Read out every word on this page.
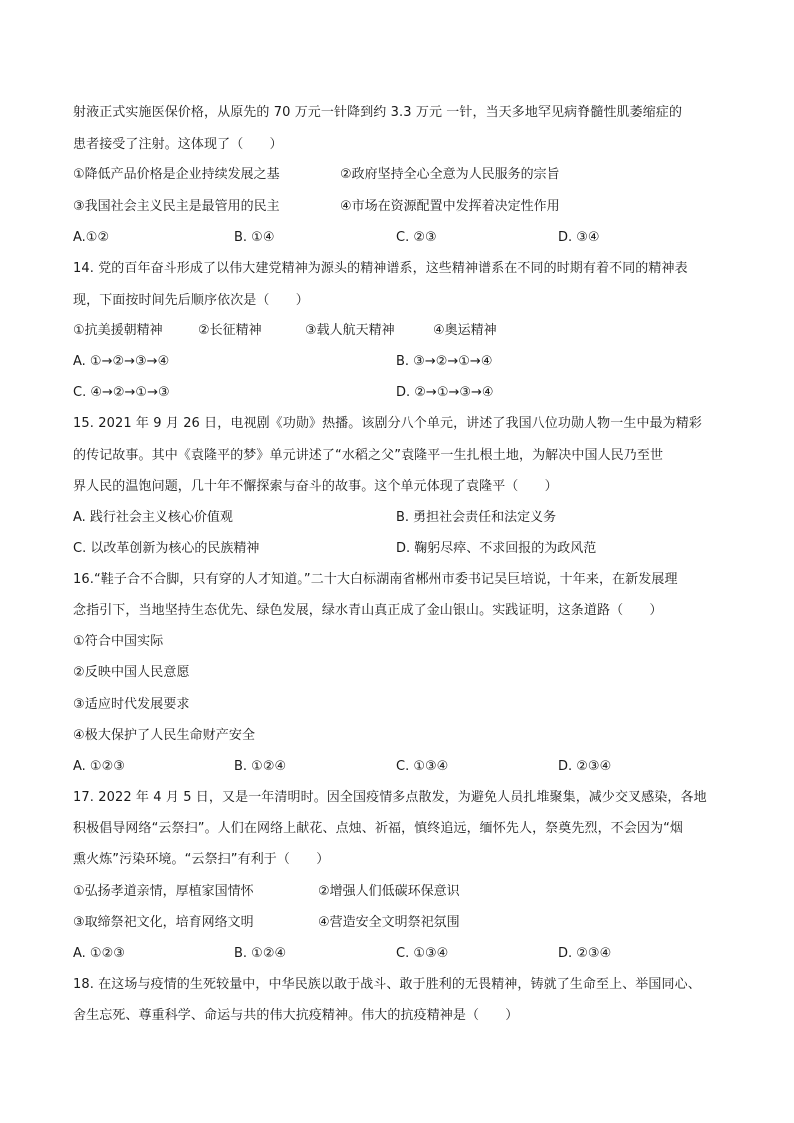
射液正式实施医保价格，从原先的 70 万元一针降到约 3.3 万元 一针，当天多地罕见病脊髓性肌萎缩症的
患者接受了注射。这体现了（　　）
①降低产品价格是企业持续发展之基	②政府坚持全心全意为人民服务的宗旨
③我国社会主义民主是最管用的民主	④市场在资源配置中发挥着决定性作用
A.①②	B. ①④	C. ②③	D. ③④
14. 党的百年奋斗形成了以伟大建党精神为源头的精神谱系，这些精神谱系在不同的时期有着不同的精神表
现，下面按时间先后顺序依次是（　　）
①抗美援朝精神	②长征精神	③载人航天精神	④奥运精神
A. ①→②→③→④	B. ③→②→①→④
C. ④→②→①→③	D. ②→①→③→④
15. 2021 年 9 月 26 日，电视剧《功勋》热播。该剧分八个单元，讲述了我国八位功勋人物一生中最为精彩
的传记故事。其中《袁隆平的梦》单元讲述了“水稻之父”袁隆平一生扎根土地，为解决中国人民乃至世
界人民的温饱问题，几十年不懈探索与奋斗的故事。这个单元体现了袁隆平（　　）
A. 践行社会主义核心价值观	B. 勇担社会责任和法定义务
C. 以改革创新为核心的民族精神	D. 鞠躬尽瘁、不求回报的为政风范
16.“鞋子合不合脚，只有穿的人才知道。”二十大白标湖南省郴州市委书记吴巨培说，十年来，在新发展理
念指引下，当地坚持生态优先、绿色发展，绿水青山真正成了金山银山。实践证明，这条道路（　　）
①符合中国实际
②反映中国人民意愿
③适应时代发展要求
④极大保护了人民生命财产安全
A. ①②③	B. ①②④	C. ①③④	D. ②③④
17. 2022 年 4 月 5 日，又是一年清明时。因全国疫情多点散发，为避免人员扎堆聚集，减少交叉感染，各地
积极倡导网络“云祭扫”。人们在网络上献花、点烛、祈福，慎终追远，缅怀先人，祭奠先烈，不会因为“烟
熏火炼”污染环境。“云祭扫”有利于（　　）
①弘扬孝道亲情，厚植家国情怀	②增强人们低碳环保意识
③取缔祭祀文化，培育网络文明	④营造安全文明祭祀氛围
A. ①②③	B. ①②④	C. ①③④	D. ②③④
18. 在这场与疫情的生死较量中，中华民族以敢于战斗、敢于胜利的无畏精神，铸就了生命至上、举国同心、
舍生忘死、尊重科学、命运与共的伟大抗疫精神。伟大的抗疫精神是（　　）
